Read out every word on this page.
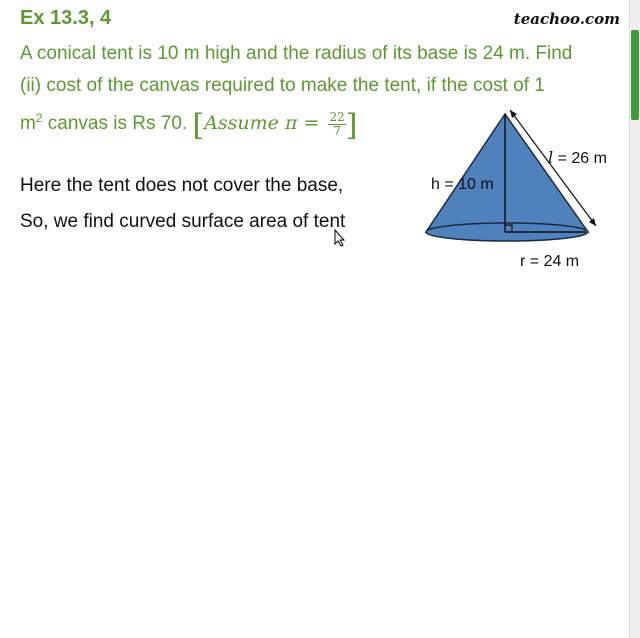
Ex 13.3, 4	teachoo.com
A conical tent is 10 m high and the radius of its base is 24 m. Find
(ii) cost of the canvas required to make the tent, if the cost of 1
$m^2$ canvas is Rs 70. [Assume $\pi = \frac{22}{7}$ ]
Here the tent does not cover the base,
So, we find curved surface area of tent
h = 10 m
l = 26 m
r = 24 m
